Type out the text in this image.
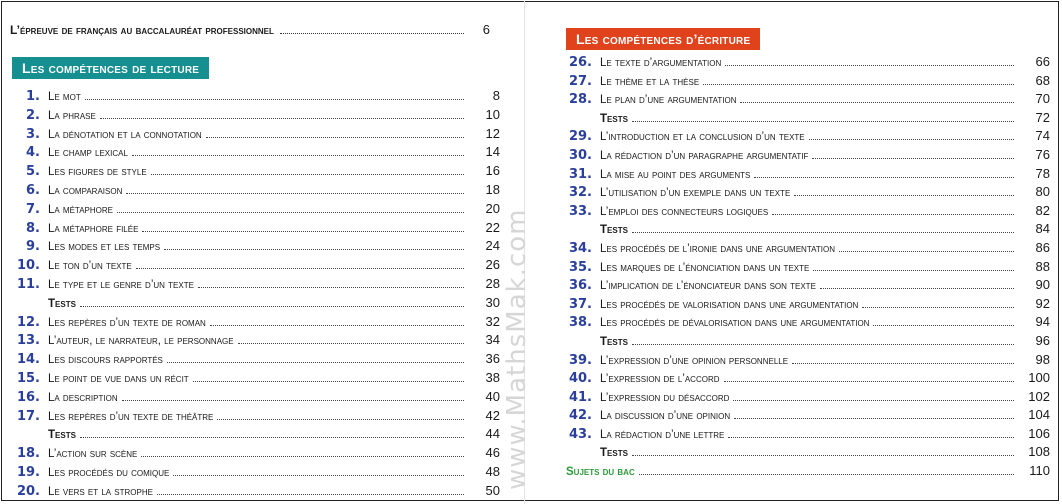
www.MathsMak.com
L’épreuve de français au baccalauréat professionnel	6
Les compétences de lecture
1. Le mot	8
2. La phrase	10
3. La dénotation et la connotation	12
4. Le champ lexical	14
5. Les figures de style	16
6. La comparaison	18
7. La métaphore	20
8. La métaphore filée	22
9. Les modes et les temps	24
10. Le ton d’un texte	26
11. Le type et le genre d’un texte	28
Tests	30
12. Les repères d’un texte de roman	32
13. L’auteur, le narrateur, le personnage	34
14. Les discours rapportés	36
15. Le point de vue dans un récit	38
16. La description	40
17. Les repères d’un texte de théâtre	42
Tests	44
18. L’action sur scène	46
19. Les procédés du comique	48
20. Le vers et la strophe	50
Les compétences d’écriture
26. Le texte d’argumentation	66
27. Le thème et la thèse	68
28. Le plan d’une argumentation	70
Tests	72
29. L’introduction et la conclusion d’un texte	74
30. La rédaction d’un paragraphe argumentatif	76
31. La mise au point des arguments	78
32. L’utilisation d’un exemple dans un texte	80
33. L’emploi des connecteurs logiques	82
Tests	84
34. Les procédés de l’ironie dans une argumentation	86
35. Les marques de l’énonciation dans un texte	88
36. L’implication de l’énonciateur dans son texte	90
37. Les procédés de valorisation dans une argumentation	92
38. Les procédés de dévalorisation dans une argumentation	94
Tests	96
39. L’expression d’une opinion personnelle	98
40. L’expression de l’accord	100
41. L’expression du désaccord	102
42. La discussion d’une opinion	104
43. La rédaction d’une lettre	106
Tests	108
Sujets du bac	110
